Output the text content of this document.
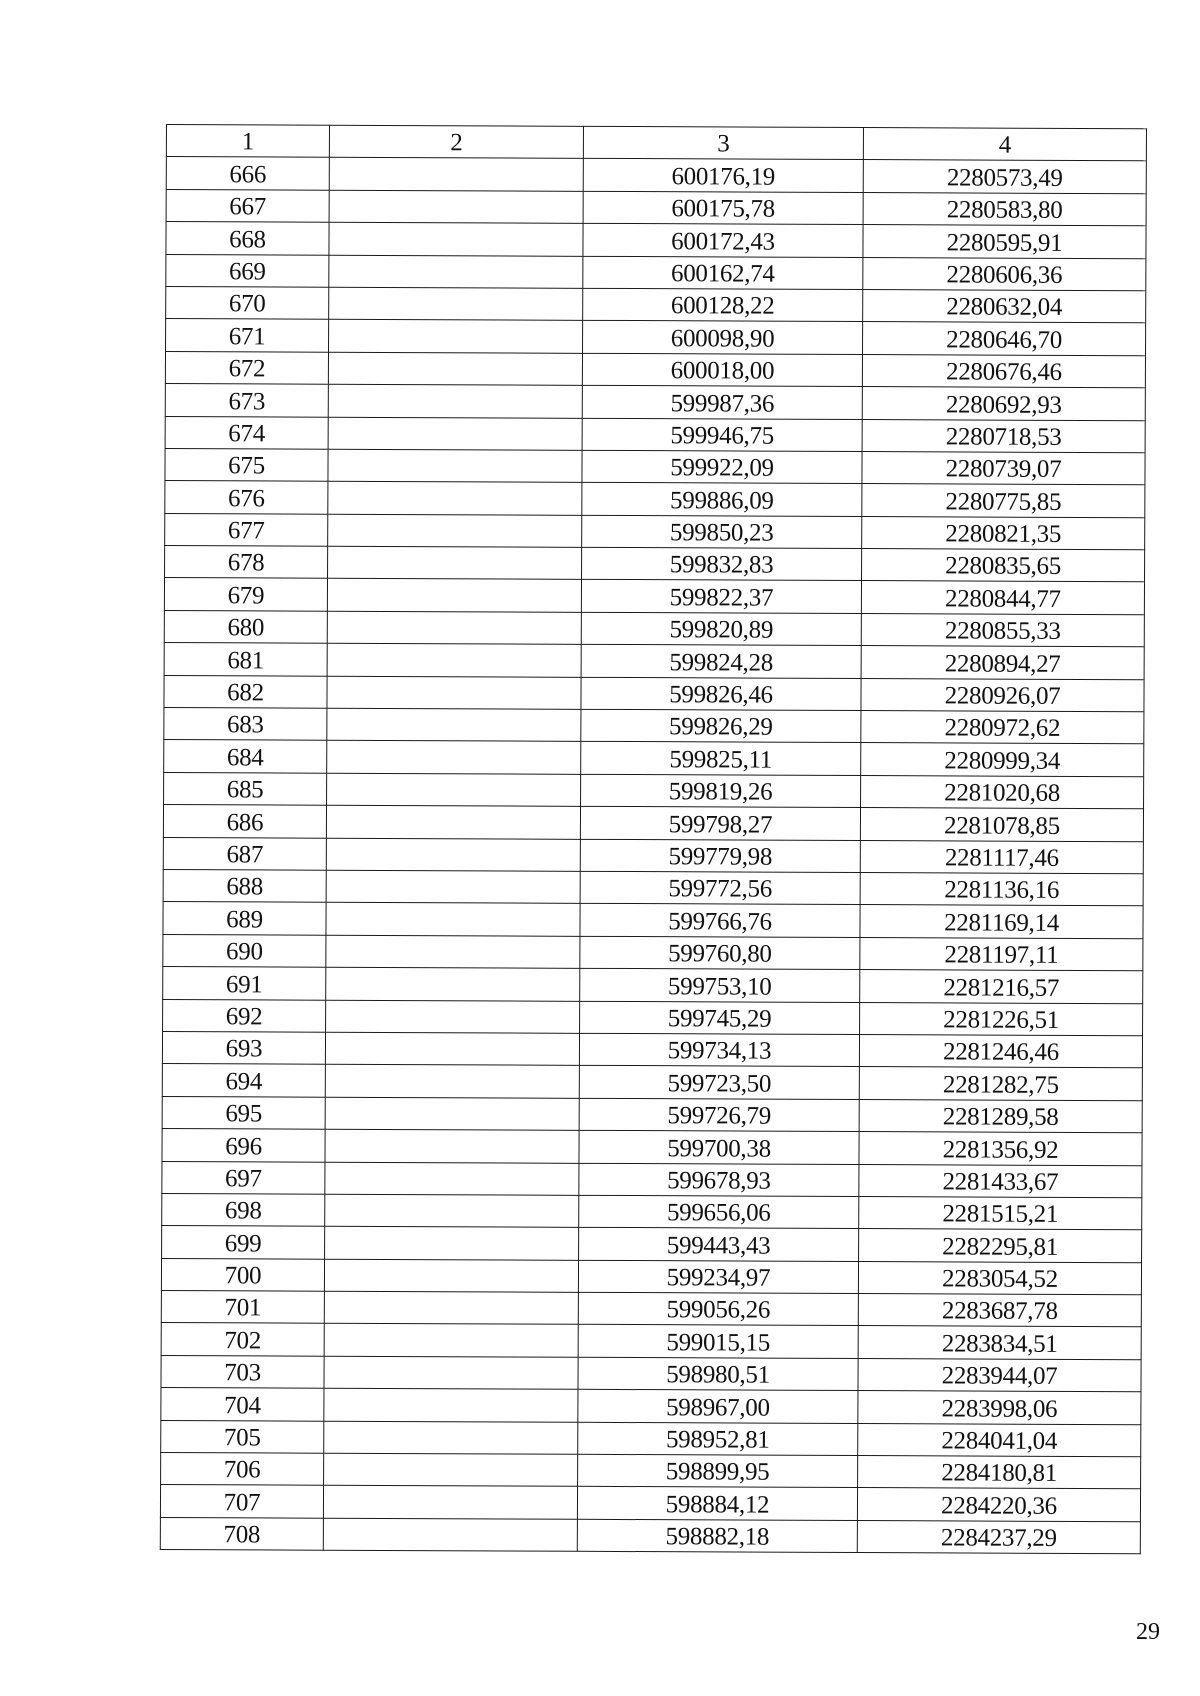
1	2	3	4
666		600176,19	2280573,49
667		600175,78	2280583,80
668		600172,43	2280595,91
669		600162,74	2280606,36
670		600128,22	2280632,04
671		600098,90	2280646,70
672		600018,00	2280676,46
673		599987,36	2280692,93
674		599946,75	2280718,53
675		599922,09	2280739,07
676		599886,09	2280775,85
677		599850,23	2280821,35
678		599832,83	2280835,65
679		599822,37	2280844,77
680		599820,89	2280855,33
681		599824,28	2280894,27
682		599826,46	2280926,07
683		599826,29	2280972,62
684		599825,11	2280999,34
685		599819,26	2281020,68
686		599798,27	2281078,85
687		599779,98	2281117,46
688		599772,56	2281136,16
689		599766,76	2281169,14
690		599760,80	2281197,11
691		599753,10	2281216,57
692		599745,29	2281226,51
693		599734,13	2281246,46
694		599723,50	2281282,75
695		599726,79	2281289,58
696		599700,38	2281356,92
697		599678,93	2281433,67
698		599656,06	2281515,21
699		599443,43	2282295,81
700		599234,97	2283054,52
701		599056,26	2283687,78
702		599015,15	2283834,51
703		598980,51	2283944,07
704		598967,00	2283998,06
705		598952,81	2284041,04
706		598899,95	2284180,81
707		598884,12	2284220,36
708		598882,18	2284237,29
29
